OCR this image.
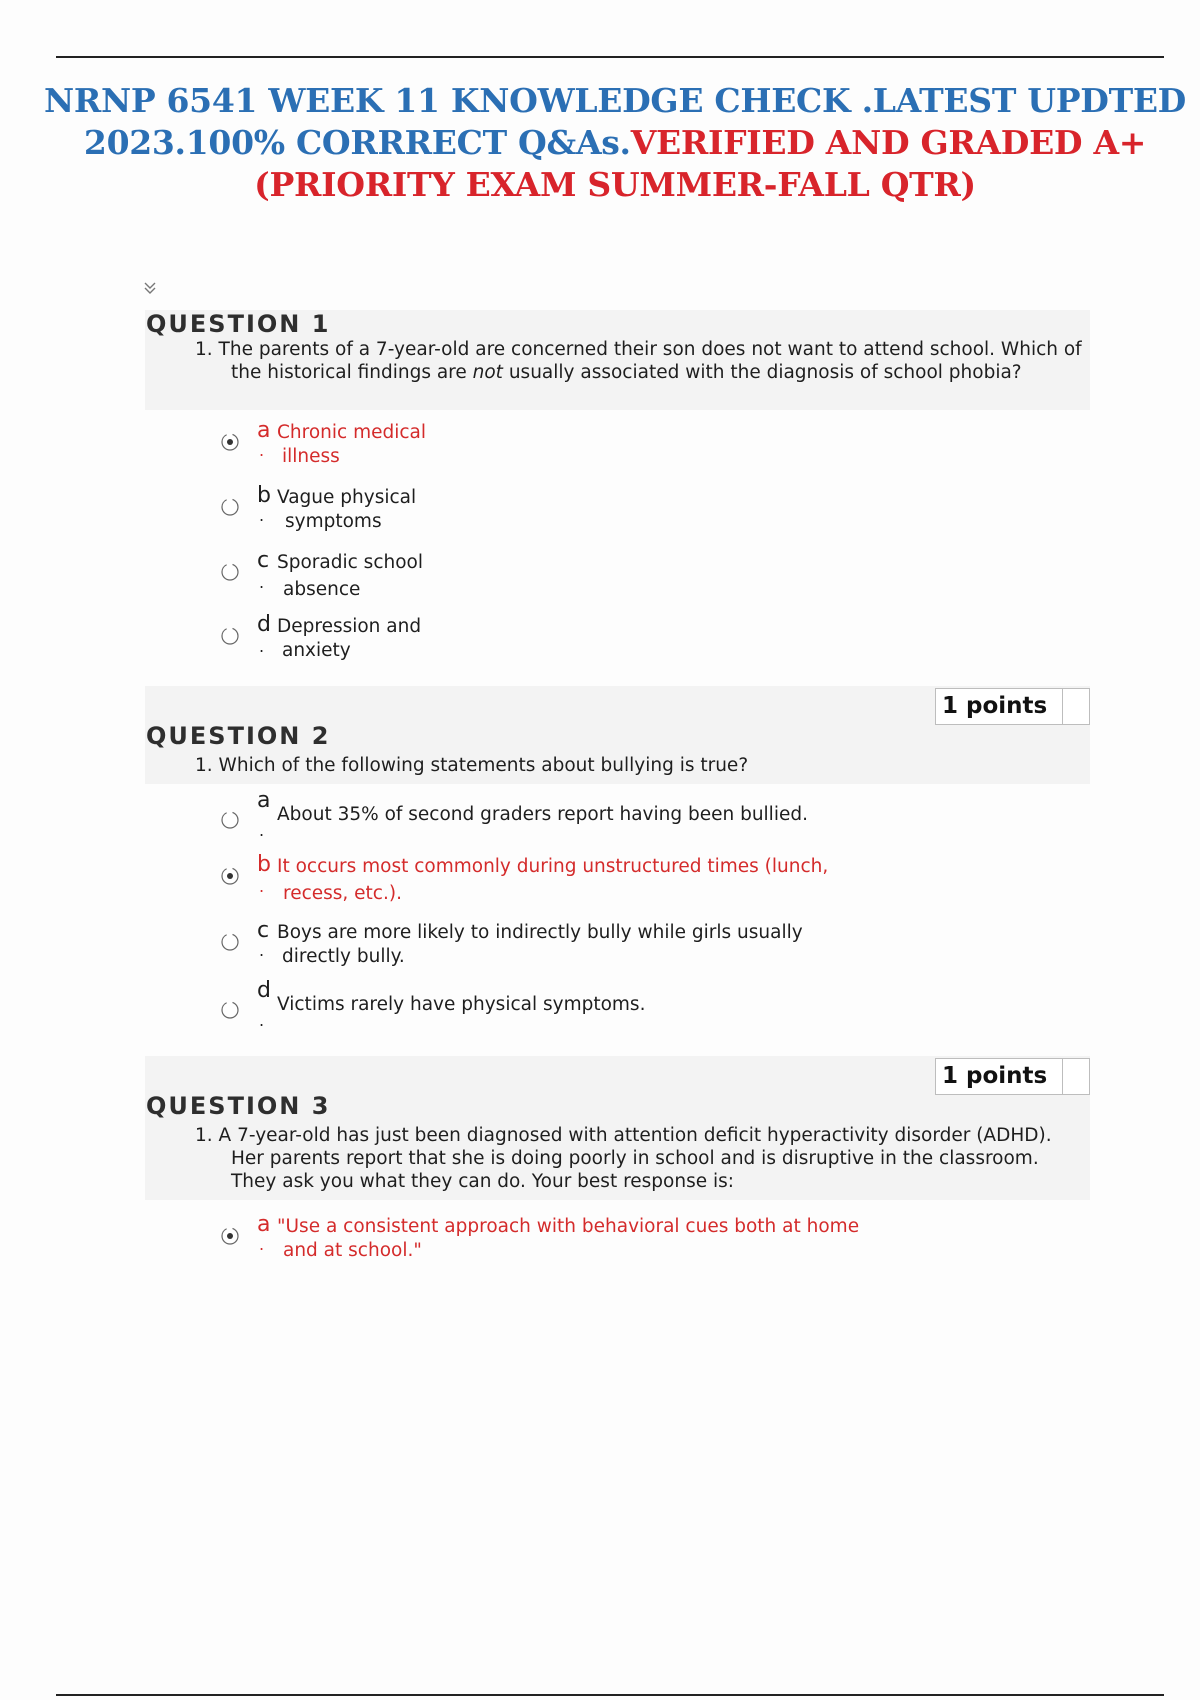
NRNP 6541 WEEK 11 KNOWLEDGE CHECK .LATEST UPDTED 2023.100% CORRRECT Q&As.VERIFIED AND GRADED A+ (PRIORITY EXAM SUMMER-FALL QTR)
QUESTION 1
1. The parents of a 7-year-old are concerned their son does not want to attend school. Which of the historical findings are not usually associated with the diagnosis of school phobia?
a Chronic medical
. illness
b Vague physical
. symptoms
c Sporadic school
. absence
d Depression and
. anxiety
1 points
QUESTION 2
1. Which of the following statements about bullying is true?
a
About 35% of second graders report having been bullied.
.
b It occurs most commonly during unstructured times (lunch,
. recess, etc.).
c Boys are more likely to indirectly bully while girls usually
. directly bully.
d
Victims rarely have physical symptoms.
.
1 points
QUESTION 3
1. A 7-year-old has just been diagnosed with attention deficit hyperactivity disorder (ADHD). Her parents report that she is doing poorly in school and is disruptive in the classroom. They ask you what they can do. Your best response is:
a "Use a consistent approach with behavioral cues both at home
. and at school."
